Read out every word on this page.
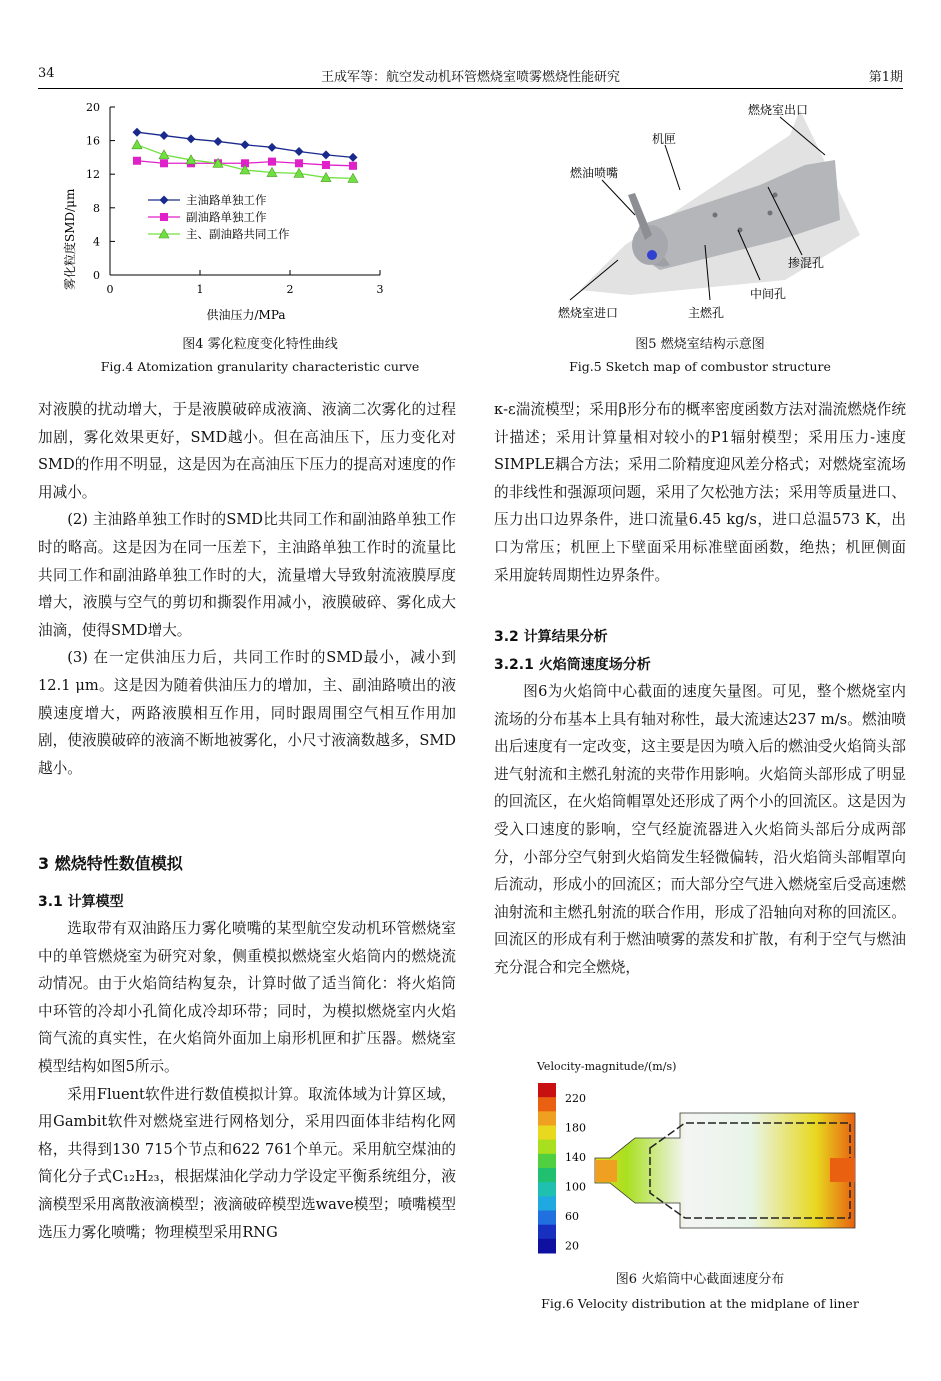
34	王成军等：航空发动机环管燃烧室喷雾燃烧性能研究	第1期
0
4
8
12
16
20
0	1	2	3
主油路单独工作
副油路单独工作
主、副油路共同工作
雾化粒度SMD/μm
供油压力/MPa
图4 雾化粒度变化特性曲线
Fig.4 Atomization granularity characteristic curve
燃烧室出口
机匣
燃油喷嘴
掺混孔
中间孔
燃烧室进口	主燃孔
图5 燃烧室结构示意图
Fig.5 Sketch map of combustor structure

对液膜的扰动增大，于是液膜破碎成液滴、液滴二次雾化的过程加剧，雾化效果更好，SMD越小。但在高油压下，压力变化对SMD的作用不明显，这是因为在高油压下压力的提高对速度的作用减小。

(2) 主油路单独工作时的SMD比共同工作和副油路单独工作时的略高。这是因为在同一压差下，主油路单独工作时的流量比共同工作和副油路单独工作时的大，流量增大导致射流液膜厚度增大，液膜与空气的剪切和撕裂作用减小，液膜破碎、雾化成大油滴，使得SMD增大。

(3) 在一定供油压力后，共同工作时的SMD最小，减小到12.1 μm。这是因为随着供油压力的增加，主、副油路喷出的液膜速度增大，两路液膜相互作用，同时跟周围空气相互作用加剧，使液膜破碎的液滴不断地被雾化，小尺寸液滴数越多，SMD越小。

3 燃烧特性数值模拟
3.1 计算模型

选取带有双油路压力雾化喷嘴的某型航空发动机环管燃烧室中的单管燃烧室为研究对象，侧重模拟燃烧室火焰筒内的燃烧流动情况。由于火焰筒结构复杂，计算时做了适当简化：将火焰筒中环管的冷却小孔简化成冷却环带；同时，为模拟燃烧室内火焰筒气流的真实性，在火焰筒外面加上扇形机匣和扩压器。燃烧室模型结构如图5所示。

采用Fluent软件进行数值模拟计算。取流体域为计算区域，用Gambit软件对燃烧室进行网格划分，采用四面体非结构化网格，共得到130 715个节点和622 761个单元。采用航空煤油的简化分子式C₁₂H₂₃，根据煤油化学动力学设定平衡系统组分，液滴模型采用离散液滴模型；液滴破碎模型选wave模型；喷嘴模型选压力雾化喷嘴；物理模型采用RNG

κ-ε湍流模型；采用β形分布的概率密度函数方法对湍流燃烧作统计描述；采用计算量相对较小的P1辐射模型；采用压力-速度SIMPLE耦合方法；采用二阶精度迎风差分格式；对燃烧室流场的非线性和强源项问题，采用了欠松弛方法；采用等质量进口、压力出口边界条件，进口流量6.45 kg/s，进口总温573 K，出口为常压；机匣上下壁面采用标准壁面函数，绝热；机匣侧面 采用旋转周期性边界条件。

3.2 计算结果分析
3.2.1 火焰筒速度场分析

图6为火焰筒中心截面的速度矢量图。可见，整个燃烧室内流场的分布基本上具有轴对称性，最大流速达237 m/s。燃油喷出后速度有一定改变，这主要是因为喷入后的燃油受火焰筒头部进气射流和主燃孔射流的夹带作用影响。火焰筒头部形成了明显的回流区，在火焰筒帽罩处还形成了两个小的回流区。这是因为受入口速度的影响，空气经旋流器进入火焰筒头部后分成两部分，小部分空气射到火焰筒发生轻微偏转，沿火焰筒头部帽罩向后流动，形成小的回流区；而大部分空气进入燃烧室后受高速燃油射流和主燃孔射流的联合作用，形成了沿轴向对称的回流区。回流区的形成有利于燃油喷雾的蒸发和扩散，有利于空气与燃油充分混合和完全燃烧，

Velocity-magnitude/(m/s)
220
180
140
100
60
20
图6 火焰筒中心截面速度分布
Fig.6 Velocity distribution at the midplane of liner
